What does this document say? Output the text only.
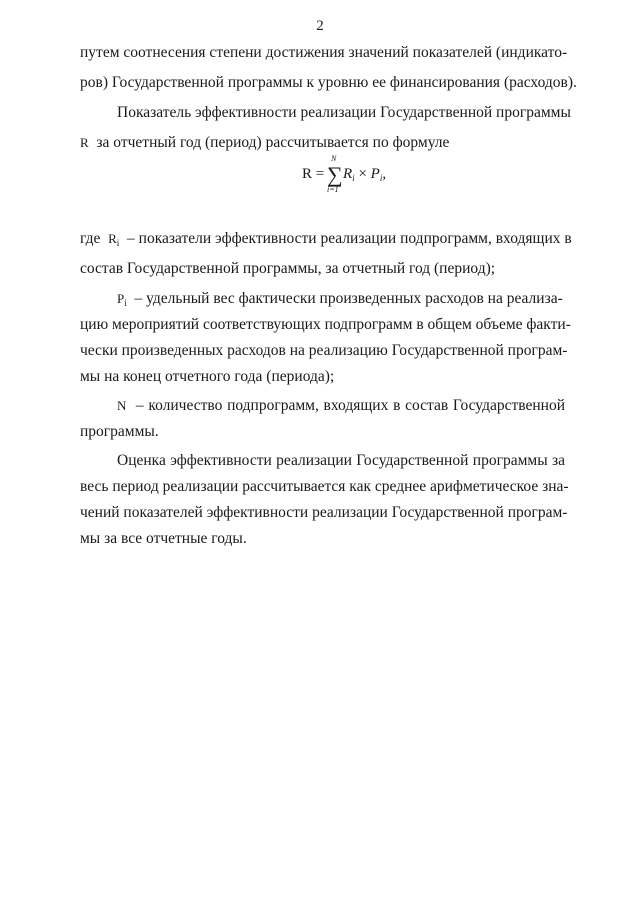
2
путем соотнесения степени достижения значений показателей (индикато-
ров) Государственной программы к уровню ее финансирования (расходов).
Показатель эффективности реализации Государственной программы
R за отчетный год (период) рассчитывается по формуле
R =
N
∑
i=1
$R_i \times P_i$,
где $R_i$ – показатели эффективности реализации подпрограмм, входящих в
состав Государственной программы, за отчетный год (период);
$P_i$ – удельный вес фактически произведенных расходов на реализа-
цию мероприятий соответствующих подпрограмм в общем объеме факти-
чески произведенных расходов на реализацию Государственной програм-
мы на конец отчетного года (периода);
N – количество подпрограмм, входящих в состав Государственной
программы.
Оценка эффективности реализации Государственной программы за
весь период реализации рассчитывается как среднее арифметическое зна-
чений показателей эффективности реализации Государственной програм-
мы за все отчетные годы.
